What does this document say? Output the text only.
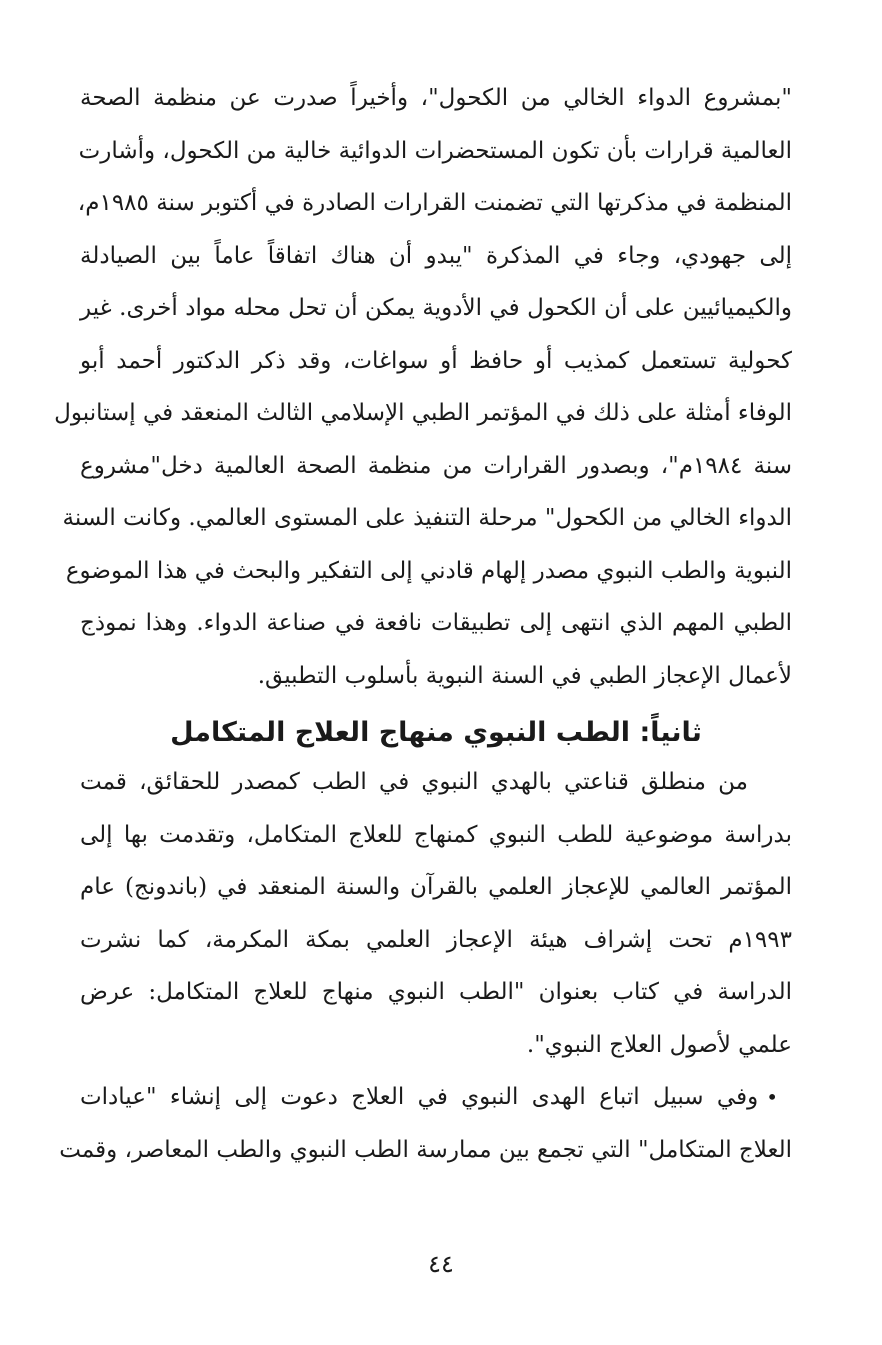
"بمشروع الدواء الخالي من الكحول"، وأخيراً صدرت عن منظمة الصحة
العالمية قرارات بأن تكون المستحضرات الدوائية خالية من الكحول، وأشارت
المنظمة في مذكرتها التي تضمنت القرارات الصادرة في أكتوبر سنة ١٩٨٥م،
إلى جهودي، وجاء في المذكرة "يبدو أن هناك اتفاقاً عاماً بين الصيادلة
والكيميائيين على أن الكحول في الأدوية يمكن أن تحل محله مواد أخرى. غير
كحولية تستعمل كمذيب أو حافظ أو سواغات، وقد ذكر الدكتور أحمد أبو
الوفاء أمثلة على ذلك في المؤتمر الطبي الإسلامي الثالث المنعقد في إستانبول
سنة ١٩٨٤م"، وبصدور القرارات من منظمة الصحة العالمية دخل"مشروع
الدواء الخالي من الكحول" مرحلة التنفيذ على المستوى العالمي. وكانت السنة
النبوية والطب النبوي مصدر إلهام قادني إلى التفكير والبحث في هذا الموضوع
الطبي المهم الذي انتهى إلى تطبيقات نافعة في صناعة الدواء. وهذا نموذج
لأعمال الإعجاز الطبي في السنة النبوية بأسلوب التطبيق.
ثانياً: الطب النبوي منهاج العلاج المتكامل
من منطلق قناعتي بالهدي النبوي في الطب كمصدر للحقائق، قمت
بدراسة موضوعية للطب النبوي كمنهاج للعلاج المتكامل، وتقدمت بها إلى
المؤتمر العالمي للإعجاز العلمي بالقرآن والسنة المنعقد في (باندونج) عام
١٩٩٣م تحت إشراف هيئة الإعجاز العلمي بمكة المكرمة، كما نشرت
الدراسة في كتاب بعنوان "الطب النبوي منهاج للعلاج المتكامل: عرض
علمي لأصول العلاج النبوي".
•وفي سبيل اتباع الهدى النبوي في العلاج دعوت إلى إنشاء "عيادات
العلاج المتكامل" التي تجمع بين ممارسة الطب النبوي والطب المعاصر، وقمت
٤٤
